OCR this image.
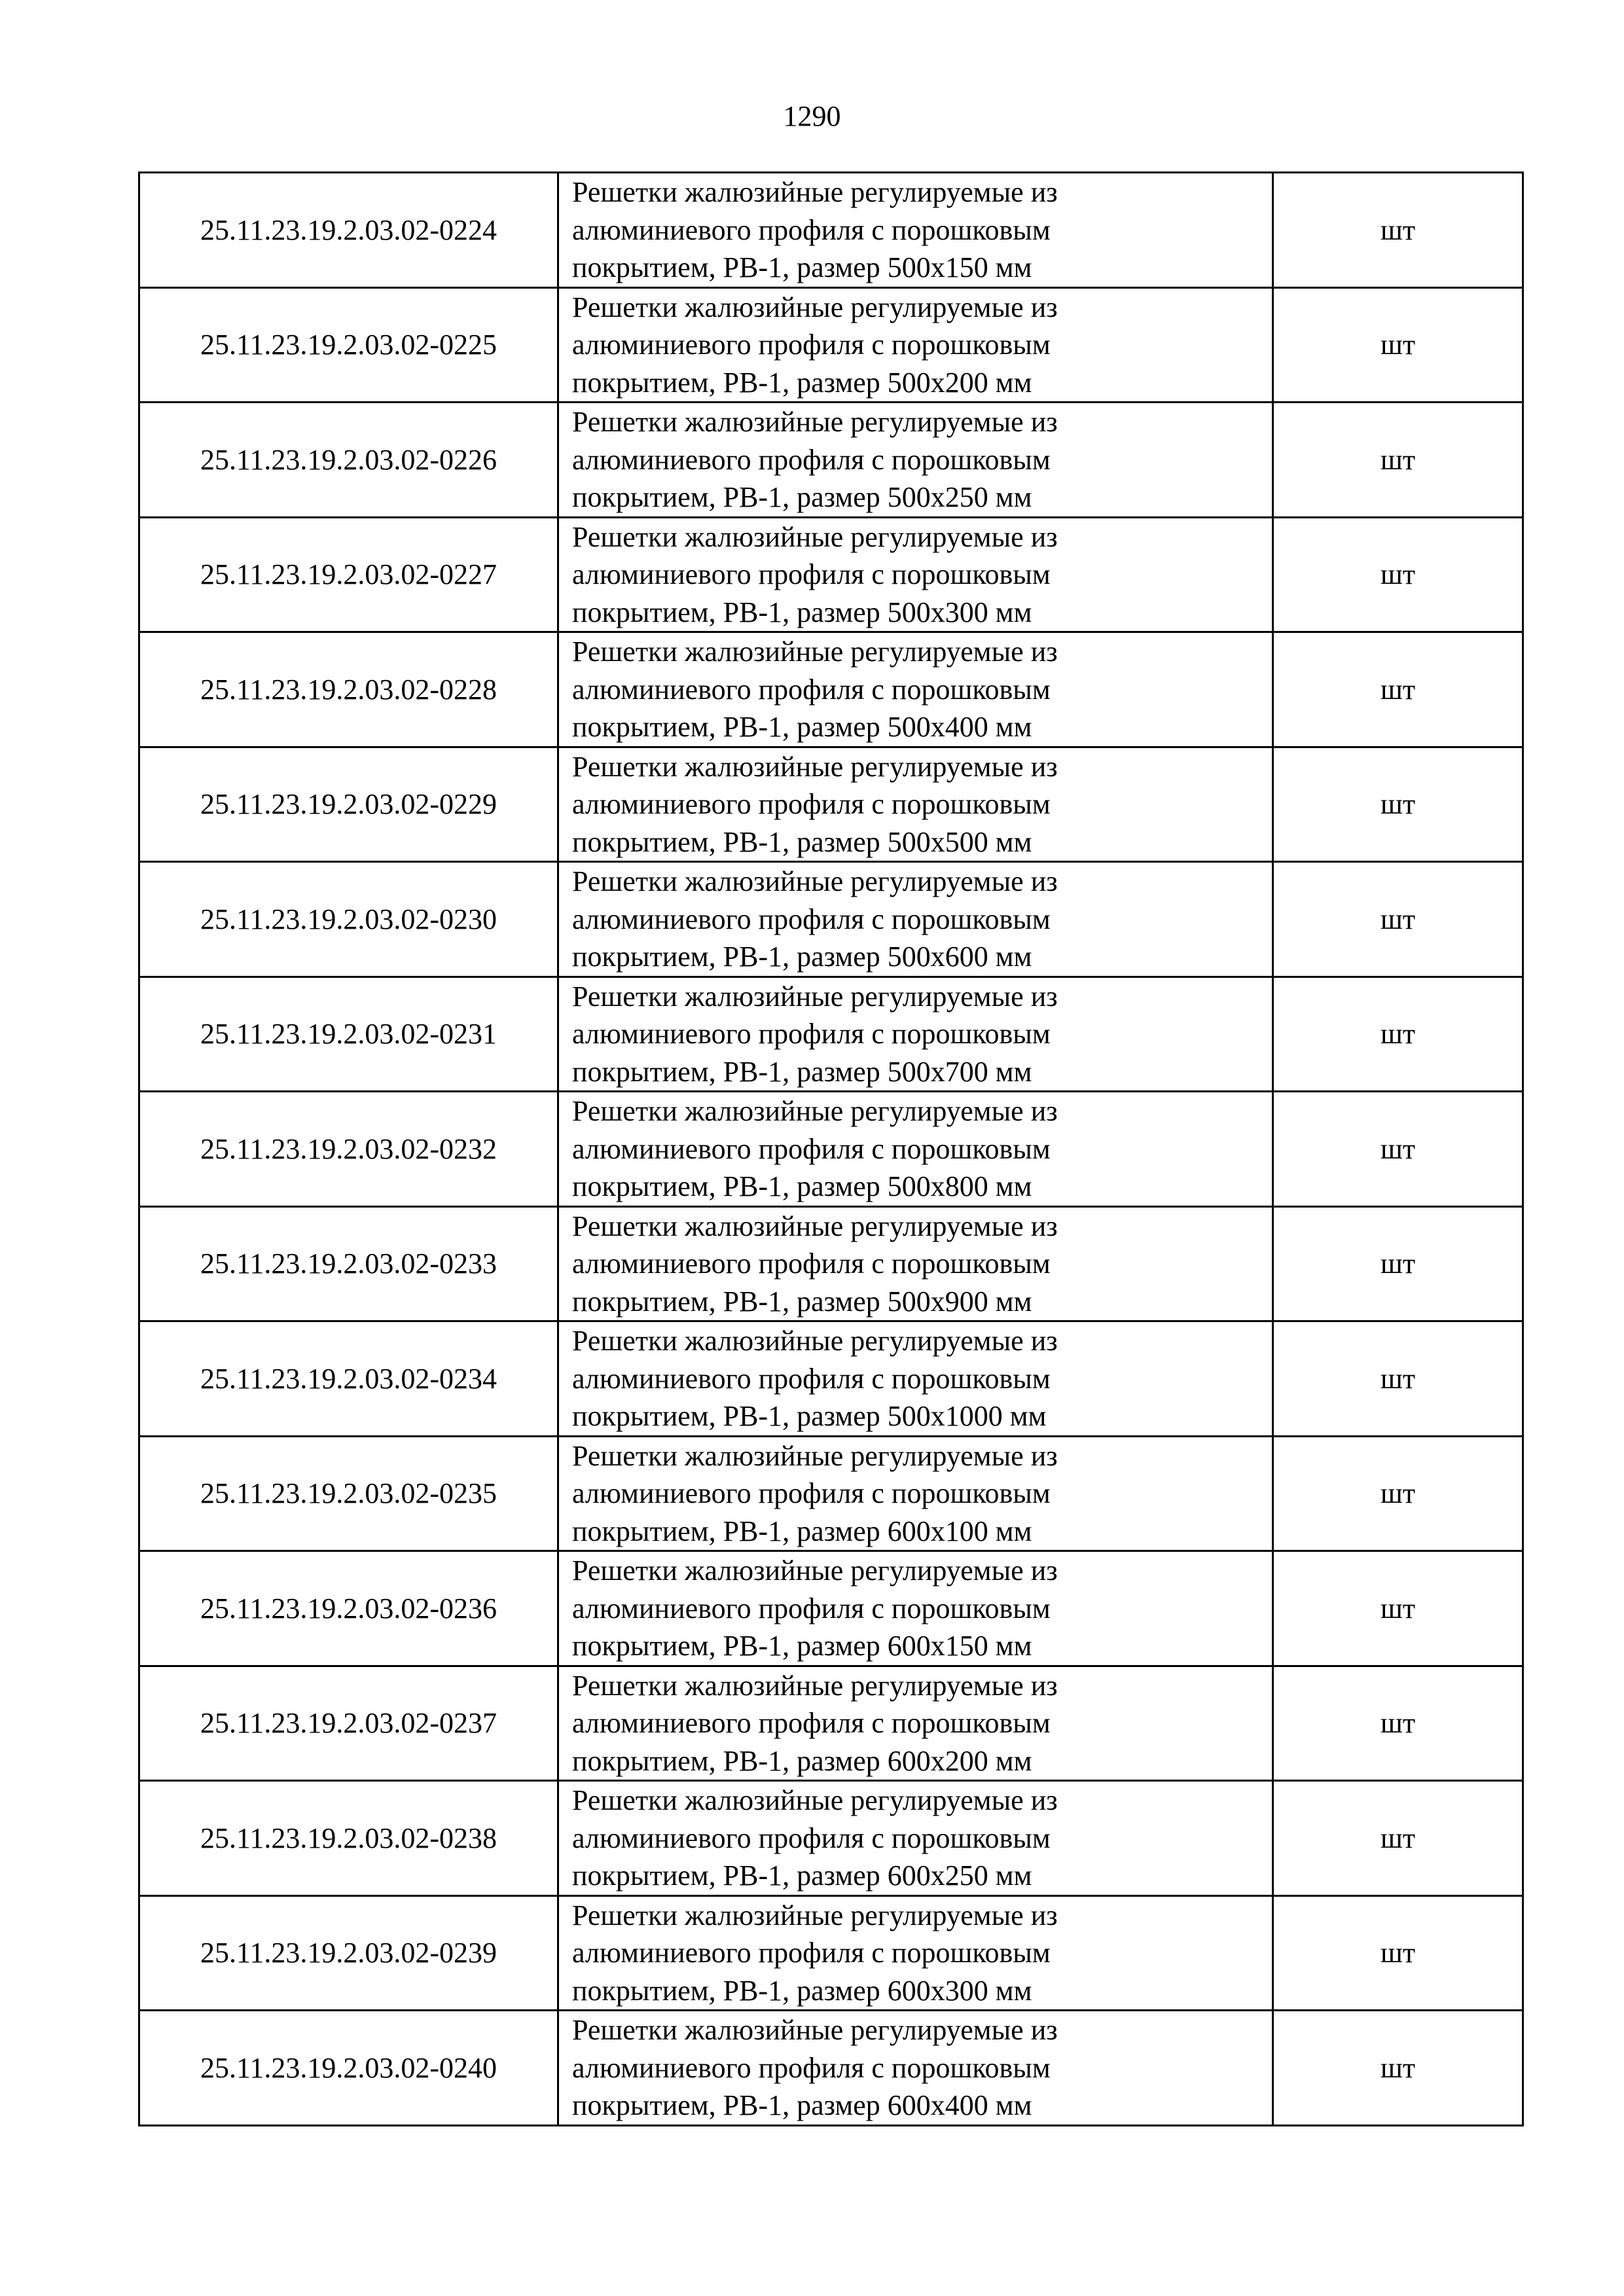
1290
25.11.23.19.2.03.02-0224	Решетки жалюзийные регулируемые из
алюминиевого профиля с порошковым
покрытием, РВ-1, размер 500х150 мм	шт
25.11.23.19.2.03.02-0225	Решетки жалюзийные регулируемые из
алюминиевого профиля с порошковым
покрытием, РВ-1, размер 500х200 мм	шт
25.11.23.19.2.03.02-0226	Решетки жалюзийные регулируемые из
алюминиевого профиля с порошковым
покрытием, РВ-1, размер 500х250 мм	шт
25.11.23.19.2.03.02-0227	Решетки жалюзийные регулируемые из
алюминиевого профиля с порошковым
покрытием, РВ-1, размер 500х300 мм	шт
25.11.23.19.2.03.02-0228	Решетки жалюзийные регулируемые из
алюминиевого профиля с порошковым
покрытием, РВ-1, размер 500х400 мм	шт
25.11.23.19.2.03.02-0229	Решетки жалюзийные регулируемые из
алюминиевого профиля с порошковым
покрытием, РВ-1, размер 500х500 мм	шт
25.11.23.19.2.03.02-0230	Решетки жалюзийные регулируемые из
алюминиевого профиля с порошковым
покрытием, РВ-1, размер 500х600 мм	шт
25.11.23.19.2.03.02-0231	Решетки жалюзийные регулируемые из
алюминиевого профиля с порошковым
покрытием, РВ-1, размер 500х700 мм	шт
25.11.23.19.2.03.02-0232	Решетки жалюзийные регулируемые из
алюминиевого профиля с порошковым
покрытием, РВ-1, размер 500х800 мм	шт
25.11.23.19.2.03.02-0233	Решетки жалюзийные регулируемые из
алюминиевого профиля с порошковым
покрытием, РВ-1, размер 500х900 мм	шт
25.11.23.19.2.03.02-0234	Решетки жалюзийные регулируемые из
алюминиевого профиля с порошковым
покрытием, РВ-1, размер 500х1000 мм	шт
25.11.23.19.2.03.02-0235	Решетки жалюзийные регулируемые из
алюминиевого профиля с порошковым
покрытием, РВ-1, размер 600х100 мм	шт
25.11.23.19.2.03.02-0236	Решетки жалюзийные регулируемые из
алюминиевого профиля с порошковым
покрытием, РВ-1, размер 600х150 мм	шт
25.11.23.19.2.03.02-0237	Решетки жалюзийные регулируемые из
алюминиевого профиля с порошковым
покрытием, РВ-1, размер 600х200 мм	шт
25.11.23.19.2.03.02-0238	Решетки жалюзийные регулируемые из
алюминиевого профиля с порошковым
покрытием, РВ-1, размер 600х250 мм	шт
25.11.23.19.2.03.02-0239	Решетки жалюзийные регулируемые из
алюминиевого профиля с порошковым
покрытием, РВ-1, размер 600х300 мм	шт
25.11.23.19.2.03.02-0240	Решетки жалюзийные регулируемые из
алюминиевого профиля с порошковым
покрытием, РВ-1, размер 600х400 мм	шт
